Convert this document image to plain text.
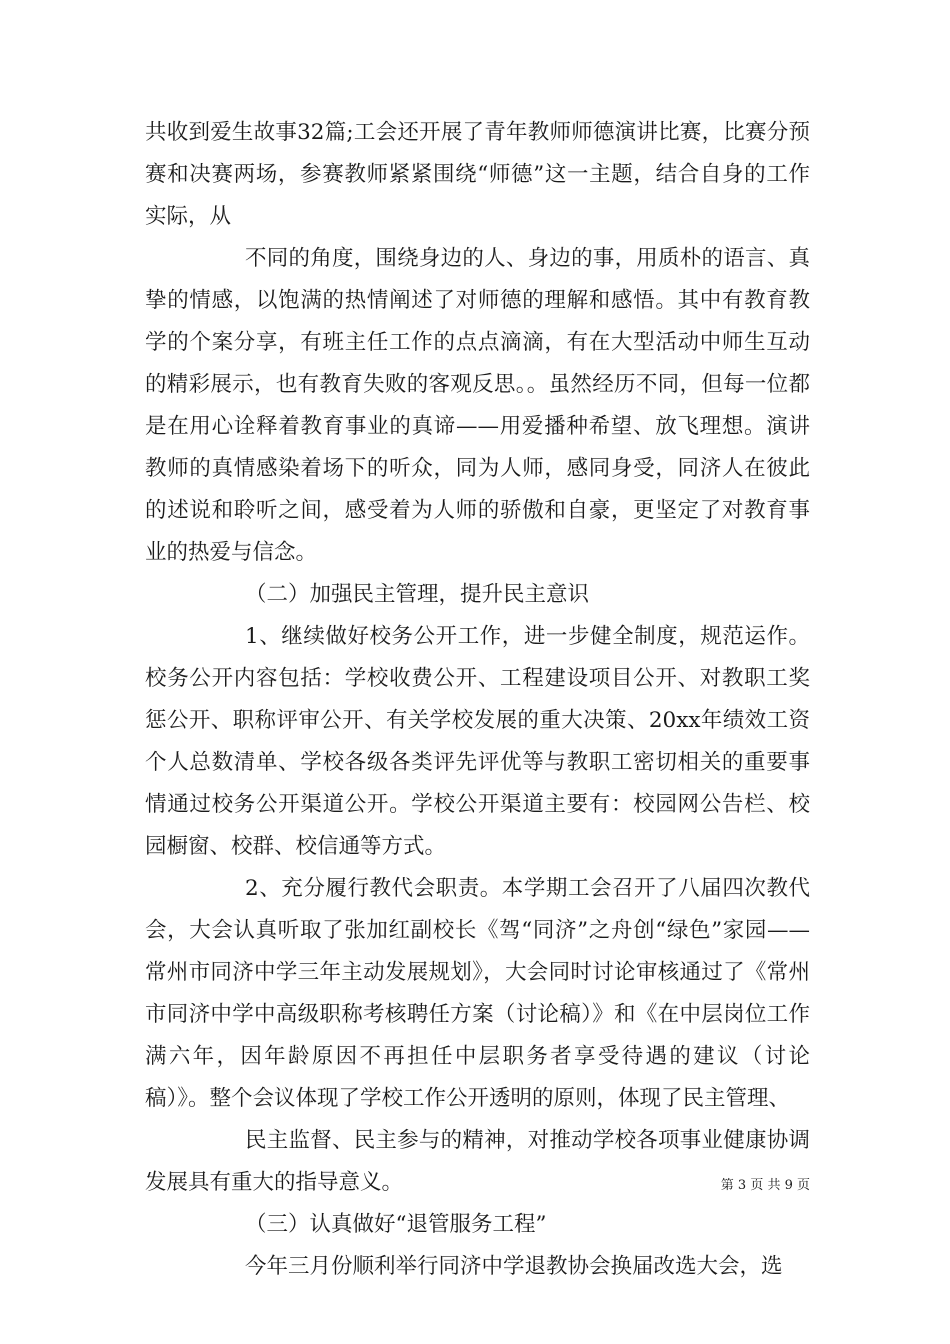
共收到爱生故事32篇;工会还开展了青年教师师德演讲比赛，比赛分预赛和决赛两场，参赛教师紧紧围绕“师德”这一主题，结合自身的工作实际，从

不同的角度，围绕身边的人、身边的事，用质朴的语言、真挚的情感，以饱满的热情阐述了对师德的理解和感悟。其中有教育教学的个案分享，有班主任工作的点点滴滴，有在大型活动中师生互动的精彩展示，也有教育失败的客观反思。。虽然经历不同，但每一位都是在用心诠释着教育事业的真谛——用爱播种希望、放飞理想。演讲教师的真情感染着场下的听众，同为人师，感同身受，同济人在彼此的述说和聆听之间，感受着为人师的骄傲和自豪，更坚定了对教育事业的热爱与信念。

（二）加强民主管理，提升民主意识

1、继续做好校务公开工作，进一步健全制度，规范运作。校务公开内容包括：学校收费公开、工程建设项目公开、对教职工奖惩公开、职称评审公开、有关学校发展的重大决策、20xx年绩效工资个人总数清单、学校各级各类评先评优等与教职工密切相关的重要事情通过校务公开渠道公开。学校公开渠道主要有：校园网公告栏、校园橱窗、校群、校信通等方式。

2、充分履行教代会职责。本学期工会召开了八届四次教代会，大会认真听取了张加红副校长《驾“同济”之舟创“绿色”家园——常州市同济中学三年主动发展规划》，大会同时讨论审核通过了《常州市同济中学中高级职称考核聘任方案（讨论稿）》和《在中层岗位工作满六年，因年龄原因不再担任中层职务者享受待遇的建议（讨论稿）》。整个会议体现了学校工作公开透明的原则，体现了民主管理、

民主监督、民主参与的精神，对推动学校各项事业健康协调发展具有重大的指导意义。

（三）认真做好“退管服务工程”

今年三月份顺利举行同济中学退教协会换届改选大会，选

第 3 页 共 9 页
